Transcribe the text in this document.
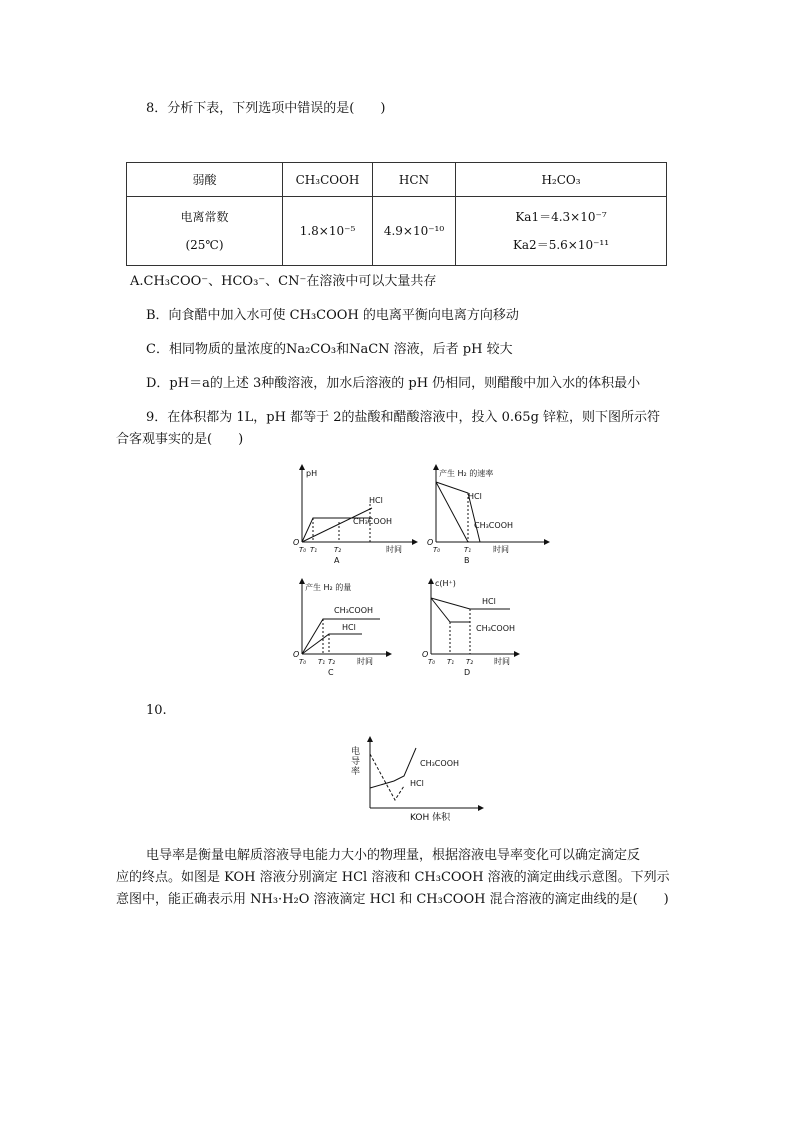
8．分析下表，下列选项中错误的是(　　)
弱酸	CH₃COOH	HCN	H₂CO₃

电离常数
(25℃)	1.8×10⁻⁵	4.9×10⁻¹⁰	Ka1＝4.3×10⁻⁷
Ka2＝5.6×10⁻¹¹
A.CH₃COO⁻、HCO₃⁻、CN⁻在溶液中可以大量共存
B．向食醋中加入水可使 CH₃COOH 的电离平衡向电离方向移动
C．相同物质的量浓度的Na₂CO₃和NaCN 溶液，后者 pH 较大
D．pH＝a的上述 3种酸溶液，加水后溶液的 pH 仍相同，则醋酸中加入水的体积最小
9．在体积都为 1L，pH 都等于 2的盐酸和醋酸溶液中，投入 0.65g 锌粒，则下图所示符
合客观事实的是(　　)
pH
HCl
CH₃COOH
O
T₀ T₁ T₂	时间
A
产生 H₂ 的速率
HCl
CH₃COOH
O
T₀	T₁	时间
B
产生 H₂ 的量
CH₃COOH
HCl
O
T₀ T₁ T₂	时间
C
c(H⁺)
HCl
CH₃COOH
O
T₀ T₁ T₂	时间
D
10.
电导率	CH₃COOH
HCl
KOH 体积
电导率是衡量电解质溶液导电能力大小的物理量，根据溶液电导率变化可以确定滴定反
应的终点。如图是 KOH 溶液分别滴定 HCl 溶液和 CH₃COOH 溶液的滴定曲线示意图。下列示
意图中，能正确表示用 NH₃·H₂O 溶液滴定 HCl 和 CH₃COOH 混合溶液的滴定曲线的是(　　)
